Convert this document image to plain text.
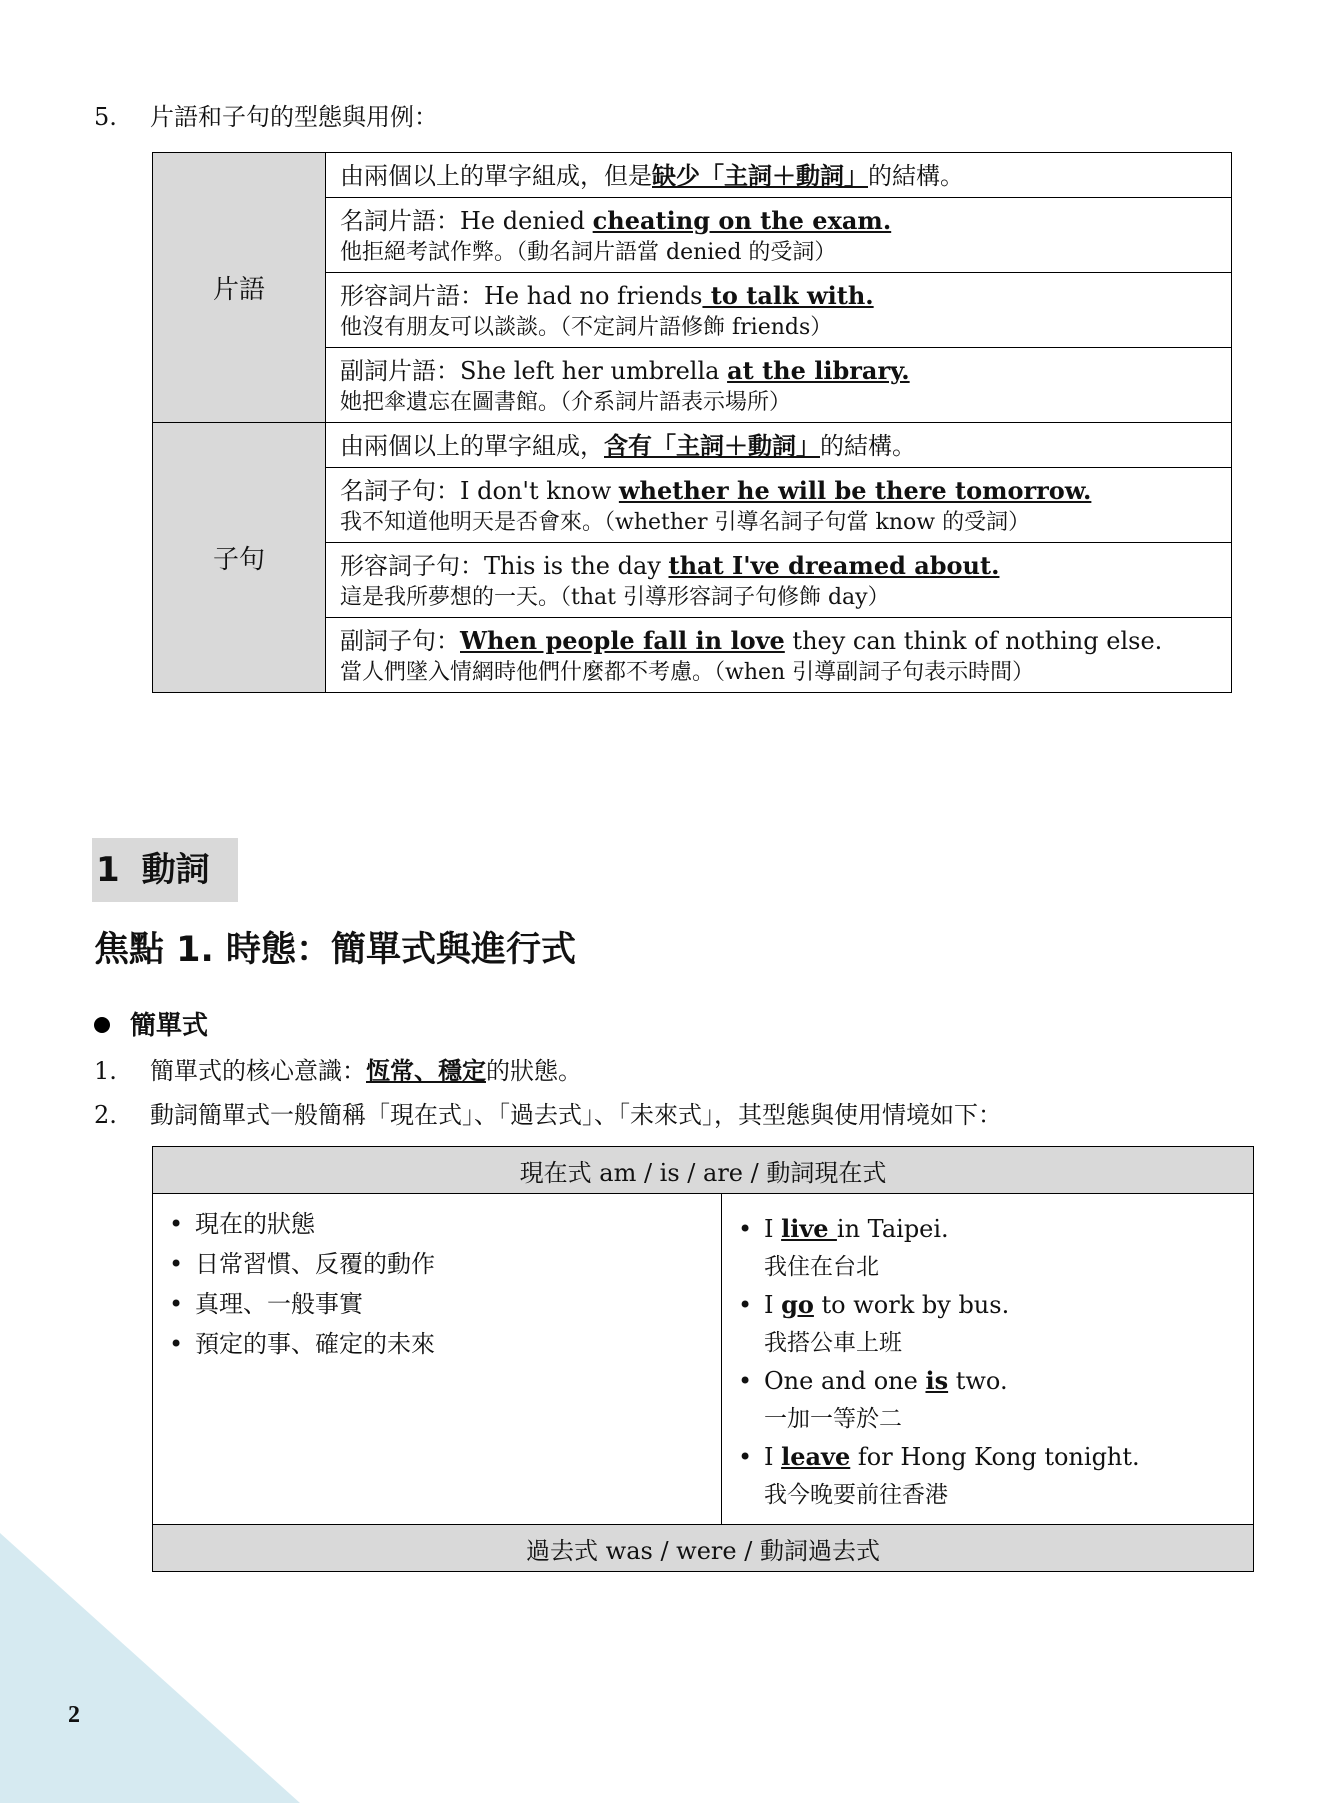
5. 片語和子句的型態與用例：
片語	由兩個以上的單字組成，但是缺少「主詞＋動詞」的結構。

	名詞片語：He denied cheating on the exam.
他拒絕考試作弊。（動名詞片語當 denied 的受詞）

	形容詞片語：He had no friends to talk with.
他沒有朋友可以談談。（不定詞片語修飾 friends）

	副詞片語：She left her umbrella at the library.
她把傘遺忘在圖書館。（介系詞片語表示場所）

子句	由兩個以上的單字組成，含有「主詞＋動詞」的結構。

	名詞子句：I don't know whether he will be there tomorrow.
我不知道他明天是否會來。（whether 引導名詞子句當 know 的受詞）

	形容詞子句：This is the day that I've dreamed about.
這是我所夢想的一天。（that 引導形容詞子句修飾 day）

	副詞子句：When people fall in love they can think of nothing else.
當人們墜入情網時他們什麼都不考慮。（when 引導副詞子句表示時間）
1 動詞
焦點 1. 時態：簡單式與進行式
簡單式
1. 簡單式的核心意識：恆常、穩定的狀態。
2. 動詞簡單式一般簡稱「現在式」、「過去式」、「未來式」，其型態與使用情境如下：
現在式 am / is / are / 動詞現在式

• 現在的狀態
• 日常習慣、反覆的動作
• 真理、一般事實
• 預定的事、確定的未來

• I live in Taipei.
我住在台北
• I go to work by bus.
我搭公車上班
• One and one is two.
一加一等於二
• I leave for Hong Kong tonight.
我今晚要前往香港

過去式 was / were / 動詞過去式
2
